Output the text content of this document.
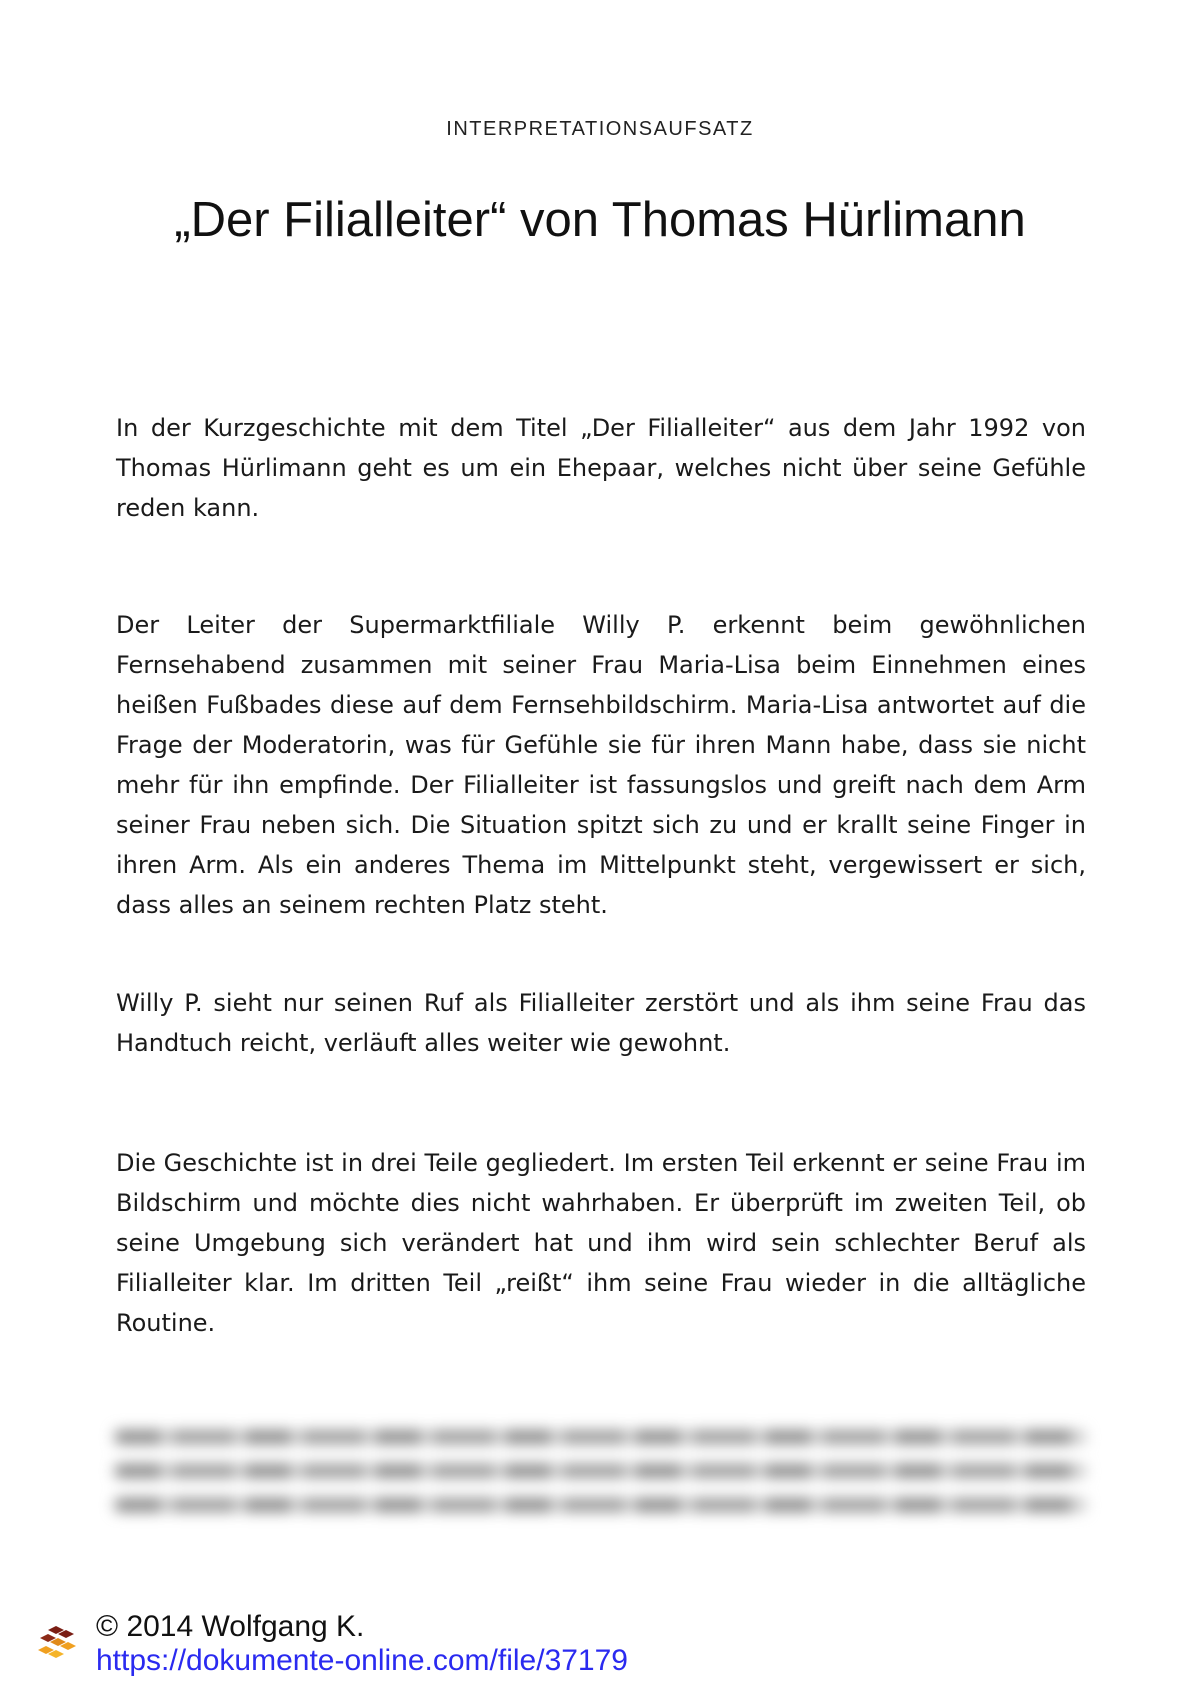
INTERPRETATIONSAUFSATZ
„Der Filialleiter“ von Thomas Hürlimann

In der Kurzgeschichte mit dem Titel „Der Filialleiter“ aus dem Jahr 1992 von Thomas Hürlimann geht es um ein Ehepaar, welches nicht über seine Gefühle reden kann.

Der Leiter der Supermarktfiliale Willy P. erkennt beim gewöhnlichen Fernsehabend zusammen mit seiner Frau Maria-Lisa beim Einnehmen eines heißen Fußbades diese auf dem Fernsehbildschirm. Maria-Lisa antwortet auf die Frage der Moderatorin, was für Gefühle sie für ihren Mann habe, dass sie nicht mehr für ihn empfinde. Der Filialleiter ist fassungslos und greift nach dem Arm seiner Frau neben sich. Die Situation spitzt sich zu und er krallt seine Finger in ihren Arm. Als ein anderes Thema im Mittelpunkt steht, vergewissert er sich, dass alles an seinem rechten Platz steht.

Willy P. sieht nur seinen Ruf als Filialleiter zerstört und als ihm seine Frau das Handtuch reicht, verläuft alles weiter wie gewohnt.

Die Geschichte ist in drei Teile gegliedert. Im ersten Teil erkennt er seine Frau im Bildschirm und möchte dies nicht wahrhaben. Er überprüft im zweiten Teil, ob seine Umgebung sich verändert hat und ihm wird sein schlechter Beruf als Filialleiter klar. Im dritten Teil „reißt“ ihm seine Frau wieder in die alltägliche Routine.

© 2014 Wolfgang K.
https://dokumente-online.com/file/37179
